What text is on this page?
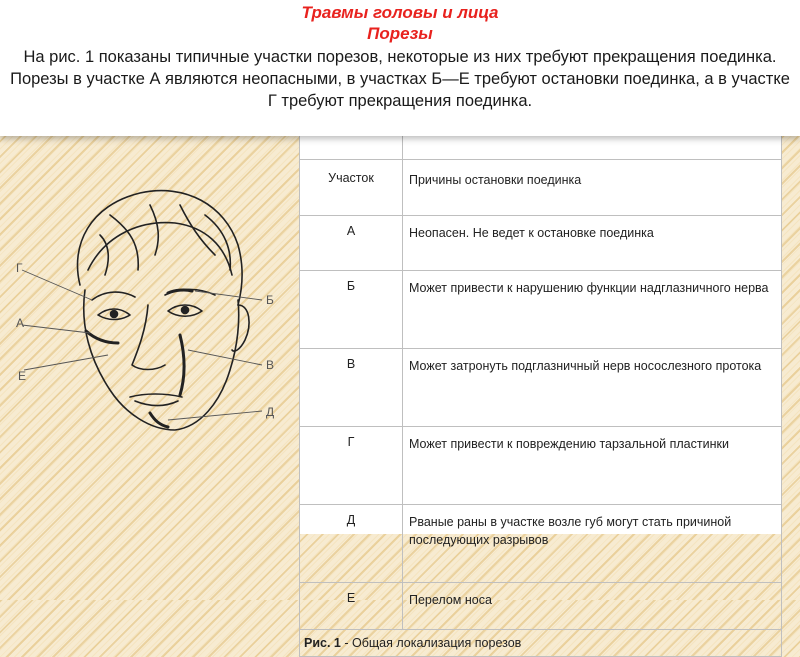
Травмы головы и лица
Порезы
На рис. 1 показаны типичные участки порезов, некоторые из них требуют прекращения поединка. Порезы в участке А являются неопасными, в участках Б—Е требуют остановки поединка, а в участке Г требуют прекращения поединка.

Участок	Причины остановки поединка
А	Неопасен. Не ведет к остановке поединка
Б	Может привести к нарушению функции надглазничного нерва
В	Может затронуть подглазничный нерв носослезного протока
Г	Может привести к повреждению тарзальной пластинки
Д	Рваные раны в участке возле губ могут стать причиной последующих разрывов
Е	Перелом носа
Рис. 1 - Общая локализация порезов	
Г
А
Е
Б
В
Д
